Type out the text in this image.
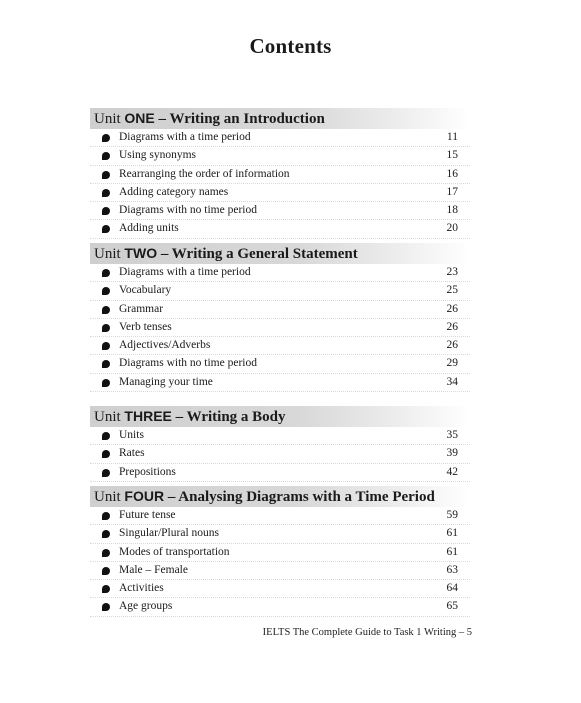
Contents
Unit ONE – Writing an Introduction
Diagrams with a time period	11
Using synonyms	15
Rearranging the order of information	16
Adding category names	17
Diagrams with no time period	18
Adding units	20
Unit TWO – Writing a General Statement
Diagrams with a time period	23
Vocabulary	25
Grammar	26
Verb tenses	26
Adjectives/Adverbs	26
Diagrams with no time period	29
Managing your time	34
Unit THREE – Writing a Body
Units	35
Rates	39
Prepositions	42
Unit FOUR – Analysing Diagrams with a Time Period
Future tense	59
Singular/Plural nouns	61
Modes of transportation	61
Male – Female	63
Activities	64
Age groups	65
IELTS The Complete Guide to Task 1 Writing – 5
